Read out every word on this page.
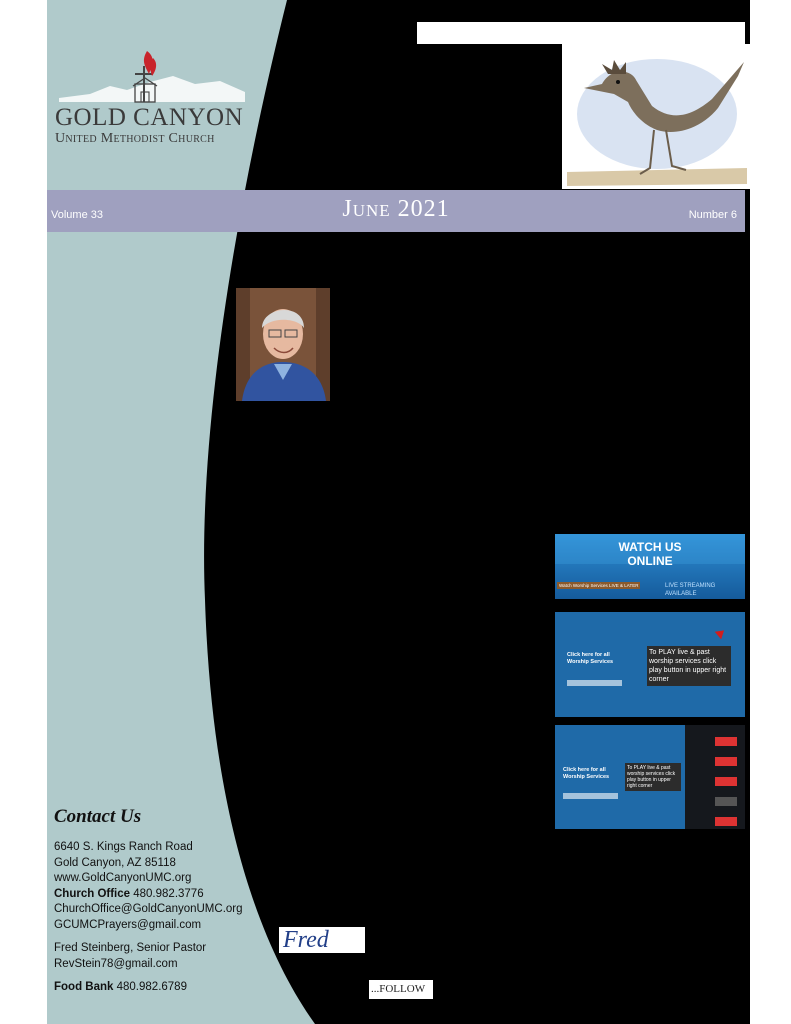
GOLD CANYON
United Methodist Church
Volume 33	June 2021	Number 6
WATCH US ONLINE
Watch Worship Services LIVE & LATER	LIVE STREAMING AVAILABLE
Click here for all Worship Services
To PLAY live & past worship services click play button in upper right corner
Click here for all Worship Services
To PLAY live & past worship services click play button in upper right corner
Contact Us
6640 S. Kings Ranch Road
Gold Canyon, AZ 85118
www.GoldCanyonUMC.org
Church Office 480.982.3776
ChurchOffice@GoldCanyonUMC.org
GCUMCPrayers@gmail.com
Fred Steinberg, Senior Pastor
RevStein78@gmail.com
Food Bank 480.982.6789
Fred
...FOLLOW
